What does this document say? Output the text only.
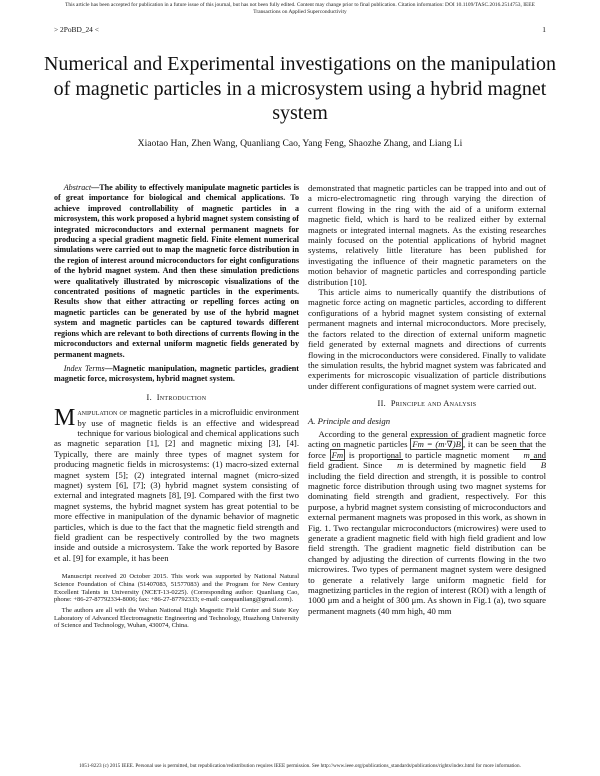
This article has been accepted for publication in a future issue of this journal, but has not been fully edited. Content may change prior to final publication. Citation information: DOI 10.1109/TASC.2016.2514753, IEEE
Transactions on Applied Superconductivity
> 2PoBD_24 <	1
Numerical and Experimental investigations on the manipulation of magnetic particles in a microsystem using a hybrid magnet system
Xiaotao Han, Zhen Wang, Quanliang Cao, Yang Feng, Shaozhe Zhang, and Liang Li

Abstract—The ability to effectively manipulate magnetic particles is of great importance for biological and chemical applications. To achieve improved controllability of magnetic particles in a microsystem, this work proposed a hybrid magnet system consisting of integrated microconductors and external permanent magnets for producing a special gradient magnetic field. Finite element numerical simulations were carried out to map the magnetic force distribution in the region of interest around microconductors for eight configurations of the hybrid magnet system. And then these simulation predictions were qualitatively illustrated by microscopic visualizations of the concentrated positions of magnetic particles in the experiments. Results show that either attracting or repelling forces acting on magnetic particles can be generated by use of the hybrid magnet system and magnetic particles can be captured towards different regions which are relevant to both directions of currents flowing in the microconductors and external uniform magnetic fields generated by permanent magnets.

Index Terms—Magnetic manipulation, magnetic particles, gradient magnetic force, microsystem, hybrid magnet system.

I. Introduction

Manipulation of magnetic particles in a microfluidic environment by use of magnetic fields is an effective and widespread technique for various biological and chemical applications such as magnetic separation [1], [2] and magnetic mixing [3], [4]. Typically, there are mainly three types of magnet system for producing magnetic fields in microsystems: (1) macro-sized external magnet system [5]; (2) integrated internal magnet (micro-sized magnet) system [6], [7]; (3) hybrid magnet system consisting of external and integrated magnets [8], [9]. Compared with the first two magnet systems, the hybrid magnet system has great potential to be more effective in manipulation of the dynamic behavior of magnetic particles, which is due to the fact that the magnetic field strength and field gradient can be respectively controlled by the two magnets inside and outside a microsystem. Take the work reported by Basore et al. [9] for example, it has been

Manuscript received 20 October 2015. This work was supported by National Natural Science Foundation of China (51407083, 51577083) and the Program for New Century Excellent Talents in University (NCET-13-0225). (Corresponding author: Quanliang Cao, phone: +86-27-87792334-8006; fax: +86-27-87792333; e-mail: caoquanliang@gmail.com).

The authors are all with the Wuhan National High Magnetic Field Center and State Key Laboratory of Advanced Electromagnetic Engineering and Technology, Huazhong University of Science and Technology, Wuhan, 430074, China.

demonstrated that magnetic particles can be trapped into and out of a micro-electromagnetic ring through varying the direction of current flowing in the ring with the aid of a uniform external magnetic field, which is hard to be realized either by external magnets or integrated internal magnets. As the existing researches mainly focused on the potential applications of hybrid magnet systems, relatively little literature has been published for investigating the influence of their magnetic parameters on the motion behavior of magnetic particles and corresponding particle distribution [10].

This article aims to numerically quantify the distributions of magnetic force acting on magnetic particles, according to different configurations of a hybrid magnet system consisting of external permanent magnets and internal microconductors. More precisely, the factors related to the direction of external uniform magnetic field generated by external magnets and directions of currents flowing in the microconductors were considered. Finally to validate the simulation results, the hybrid magnet system was fabricated and experiments for microscopic visualization of particle distributions under different configurations of magnet system were carried out.

II. Principle and Analysis
A. Principle and design

According to the general expression of gradient magnetic force acting on magnetic particles Fm = (m·∇)B , it can be seen that the force Fm is proportional to particle magnetic moment m and field gradient. Since m is determined by magnetic field B including the field direction and strength, it is possible to control magnetic force distribution through using two magnet systems for dominating field strength and gradient, respectively. For this purpose, a hybrid magnet system consisting of microconductors and external permanent magnets was proposed in this work, as shown in Fig. 1. Two rectangular microconductors (microwires) were used to generate a gradient magnetic field with high field gradient and low field strength. The gradient magnetic field distribution can be changed by adjusting the direction of currents flowing in the two microwires. Two types of permanent magnet system were designed to generate a relatively large uniform magnetic field for magnetizing particles in the region of interest (ROI) with a length of 1000 μm and a height of 300 μm. As shown in Fig.1 (a), two square permanent magnets (40 mm high, 40 mm

1051-8223 (c) 2015 IEEE. Personal use is permitted, but republication/redistribution requires IEEE permission. See http://www.ieee.org/publications_standards/publications/rights/index.html for more information.
